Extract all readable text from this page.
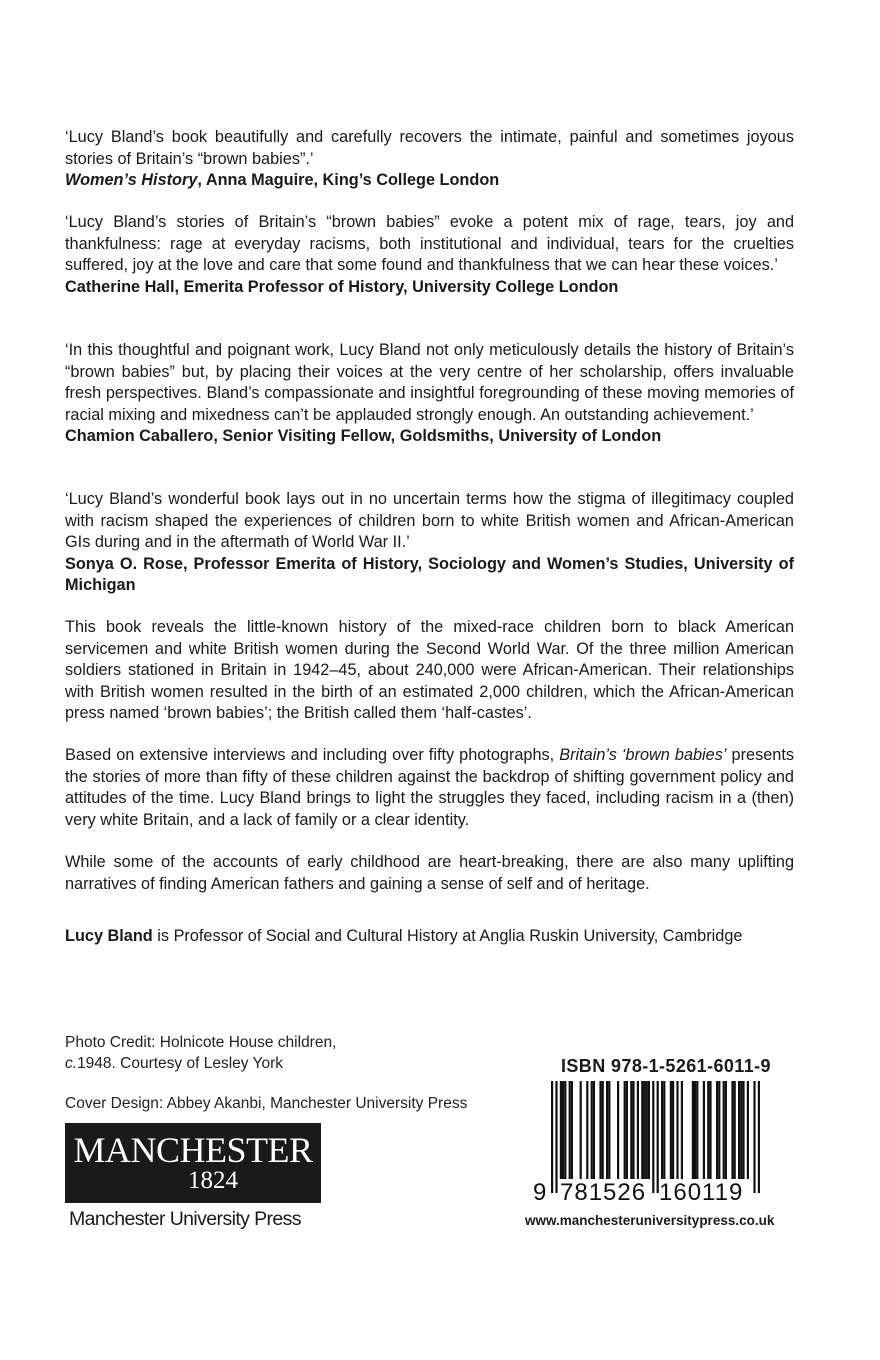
‘Lucy Bland’s book beautifully and carefully recovers the intimate, painful and sometimes joyous stories of Britain’s “brown babies”.’

Women’s History, Anna Maguire, King’s College London

‘Lucy Bland’s stories of Britain’s “brown babies” evoke a potent mix of rage, tears, joy and thankfulness: rage at everyday racisms, both institutional and individual, tears for the cruelties suffered, joy at the love and care that some found and thankfulness that we can hear these voices.’

Catherine Hall, Emerita Professor of History, University College London

‘In this thoughtful and poignant work, Lucy Bland not only meticulously details the history of Britain’s “brown babies” but, by placing their voices at the very centre of her scholarship, offers invaluable fresh perspectives. Bland’s compassionate and insightful foregrounding of these moving memories of racial mixing and mixedness can’t be applauded strongly enough. An outstanding achievement.’

Chamion Caballero, Senior Visiting Fellow, Goldsmiths, University of London

‘Lucy Bland’s wonderful book lays out in no uncertain terms how the stigma of illegitimacy coupled with racism shaped the experiences of children born to white British women and African-American GIs during and in the aftermath of World War II.’

Sonya O. Rose, Professor Emerita of History, Sociology and Women’s Studies, University of Michigan

This book reveals the little-known history of the mixed-race children born to black American servicemen and white British women during the Second World War. Of the three million American soldiers stationed in Britain in 1942–45, about 240,000 were African-American. Their relationships with British women resulted in the birth of an estimated 2,000 children, which the African-American press named ‘brown babies’; the British called them ‘half-castes’.

Based on extensive interviews and including over fifty photographs, Britain’s ‘brown babies’ presents the stories of more than fifty of these children against the backdrop of shifting government policy and attitudes of the time. Lucy Bland brings to light the struggles they faced, including racism in a (then) very white Britain, and a lack of family or a clear identity.

While some of the accounts of early childhood are heart-breaking, there are also many uplifting narratives of finding American fathers and gaining a sense of self and of heritage.

Lucy Bland is Professor of Social and Cultural History at Anglia Ruskin University, Cambridge

Photo Credit: Holnicote House children,
c.1948. Courtesy of Lesley York
Cover Design: Abbey Akanbi, Manchester University Press
MANCHESTER
1824
Manchester University Press
ISBN 978-1-5261-6011-9
9 781526 160119
www.manchesteruniversitypress.co.uk
